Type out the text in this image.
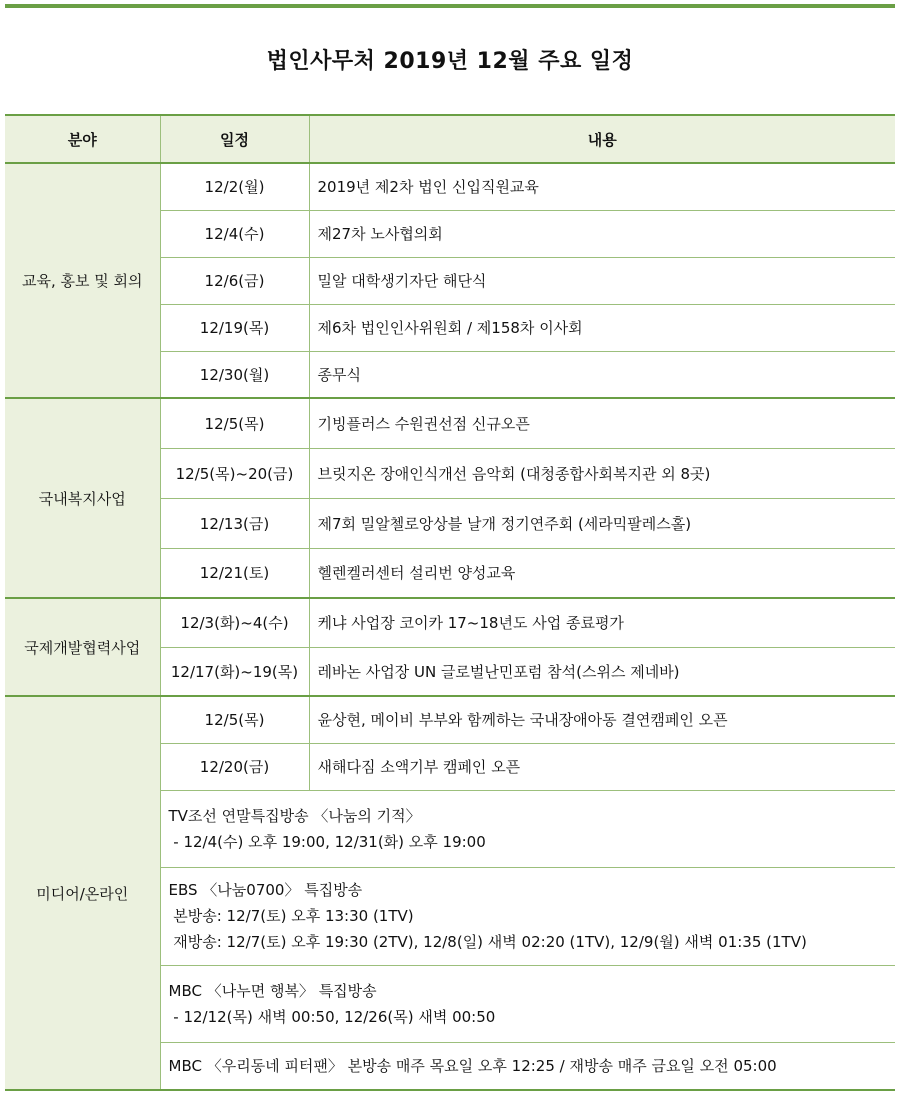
법인사무처 2019년 12월 주요 일정
분야	일정	내용
교육, 홍보 및 회의	12/2(월)	2019년 제2차 법인 신입직원교육
	12/4(수)	제27차 노사협의회
	12/6(금)	밀알 대학생기자단 해단식
	12/19(목)	제6차 법인인사위원회 / 제158차 이사회
	12/30(월)	종무식
국내복지사업	12/5(목)	기빙플러스 수원권선점 신규오픈
	12/5(목)~20(금)	브릿지온 장애인식개선 음악회 (대청종합사회복지관 외 8곳)
	12/13(금)	제7회 밀알첼로앙상블 날개 정기연주회 (세라믹팔레스홀)
	12/21(토)	헬렌켈러센터 설리번 양성교육
국제개발협력사업	12/3(화)~4(수)	케냐 사업장 코이카 17~18년도 사업 종료평가
	12/17(화)~19(목)	레바논 사업장 UN 글로벌난민포럼 참석(스위스 제네바)
미디어/온라인	12/5(목)	윤상현, 메이비 부부와 함께하는 국내장애아동 결연캠페인 오픈
	12/20(금)	새해다짐 소액기부 캠페인 오픈

	TV조선 연말특집방송 〈나눔의 기적〉
- 12/4(수) 오후 19:00, 12/31(화) 오후 19:00	

	EBS 〈나눔0700〉 특집방송
본방송: 12/7(토) 오후 13:30 (1TV)
재방송: 12/7(토) 오후 19:30 (2TV), 12/8(일) 새벽 02:20 (1TV), 12/9(월) 새벽 01:35 (1TV)	

	MBC 〈나누면 행복〉 특집방송
- 12/12(목) 새벽 00:50, 12/26(목) 새벽 00:50	

	MBC 〈우리동네 피터팬〉 본방송 매주 목요일 오후 12:25 / 재방송 매주 금요일 오전 05:00	
